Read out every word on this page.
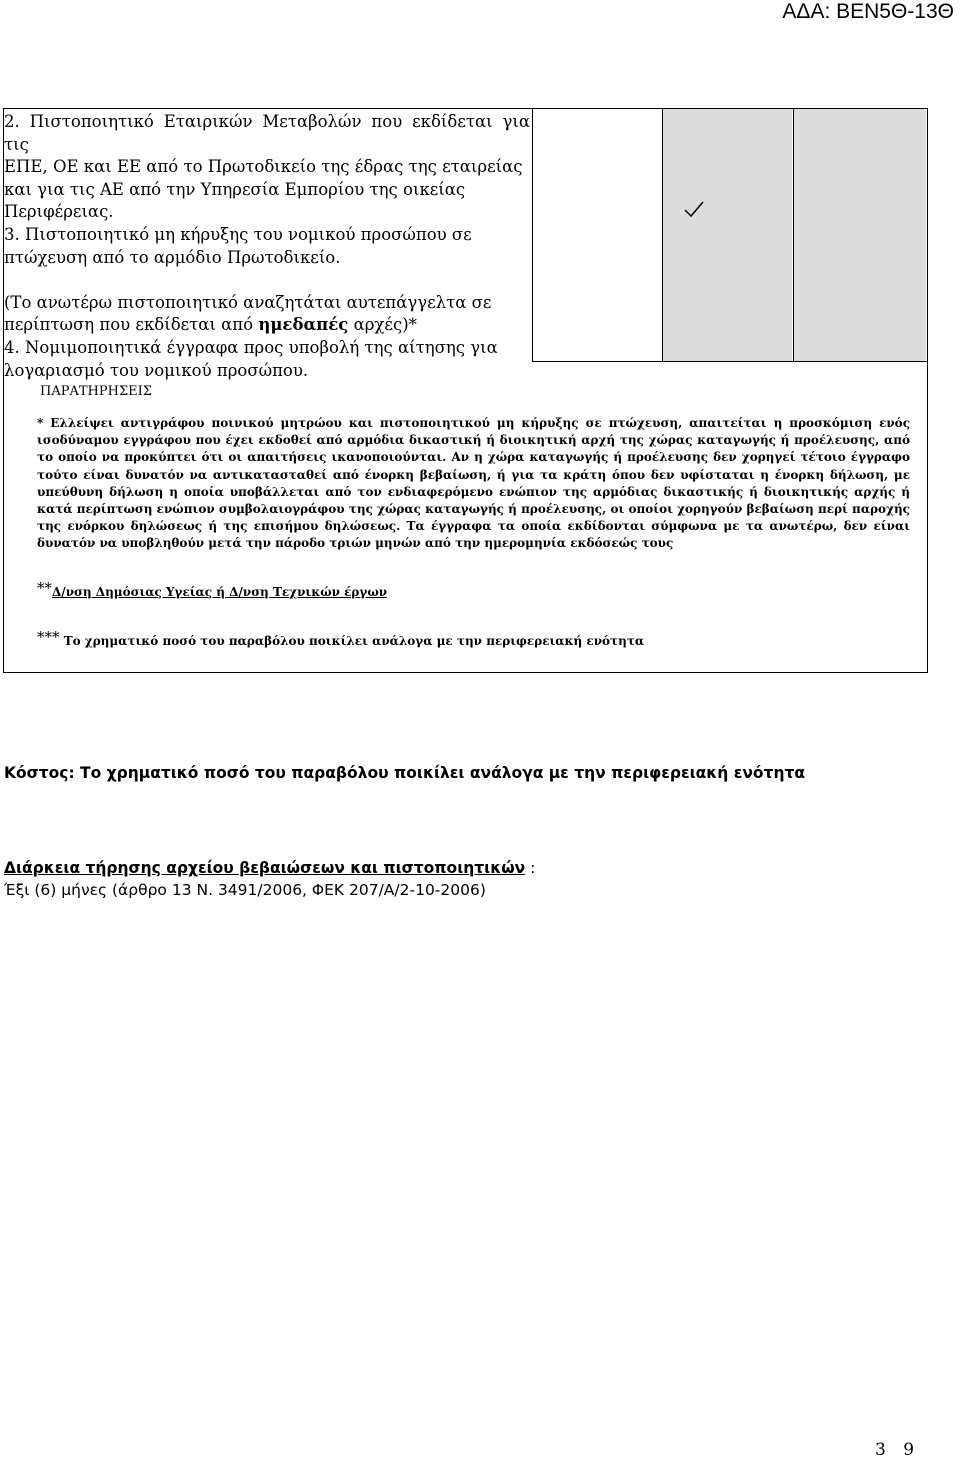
ΑΔΑ: ΒΕΝ5Θ-13Θ

2. Πιστοποιητικό Εταιρικών Μεταβολών που εκδίδεται για τις

ΕΠΕ, ΟΕ και ΕΕ από το Πρωτοδικείο της έδρας της εταιρείας

και για τις ΑΕ από την Υπηρεσία Εμπορίου της οικείας

Περιφέρειας.

3. Πιστοποιητικό μη κήρυξης του νομικού προσώπου σε

πτώχευση από το αρμόδιο Πρωτοδικείο.

(Το ανωτέρω πιστοποιητικό αναζητάται αυτεπάγγελτα σε

περίπτωση που εκδίδεται από ημεδαπές αρχές)*

4. Νομιμοποιητικά έγγραφα προς υποβολή της αίτησης για

λογαριασμό του νομικού προσώπου.

ΠΑΡΑΤΗΡΗΣΕΙΣ
* Ελλείψει αντιγράφου ποινικού μητρώου και πιστοποιητικού μη κήρυξης σε πτώχευση, απαιτείται η προσκόμιση ενός ισοδύναμου εγγράφου που έχει εκδοθεί από αρμόδια δικαστική ή διοικητική αρχή της χώρας καταγωγής ή προέλευσης, από το οποίο να προκύπτει ότι οι απαιτήσεις ικανοποιούνται. Αν η χώρα καταγωγής ή προέλευσης δεν χορηγεί τέτοιο έγγραφο τούτο είναι δυνατόν να αντικατασταθεί από ένορκη βεβαίωση, ή για τα κράτη όπου δεν υφίσταται η ένορκη δήλωση, με υπεύθυνη δήλωση η οποία υποβάλλεται από τον ενδιαφερόμενο ενώπιον της αρμόδιας δικαστικής ή διοικητικής αρχής ή κατά περίπτωση ενώπιον συμβολαιογράφου της χώρας καταγωγής ή προέλευσης, οι οποίοι χορηγούν βεβαίωση περί παροχής της ενόρκου δηλώσεως ή της επισήμου δηλώσεως. Τα έγγραφα τα οποία εκδίδονται σύμφωνα με τα ανωτέρω, δεν είναι δυνατόν να υποβληθούν μετά την πάροδο τριών μηνών από την ημερομηνία εκδόσεώς τους
**Δ/νση Δημόσιας Υγείας ή Δ/νση Τεχνικών έργων
*** Το χρηματικό ποσό του παραβόλου ποικίλει ανάλογα με την περιφερειακή ενότητα
Κόστος: Το χρηματικό ποσό του παραβόλου ποικίλει ανάλογα με την περιφερειακή ενότητα
Διάρκεια τήρησης αρχείου βεβαιώσεων και πιστοποιητικών :
Έξι (6) μήνες (άρθρο 13 Ν. 3491/2006, ΦΕΚ 207/Α/2-10-2006)
3 9
